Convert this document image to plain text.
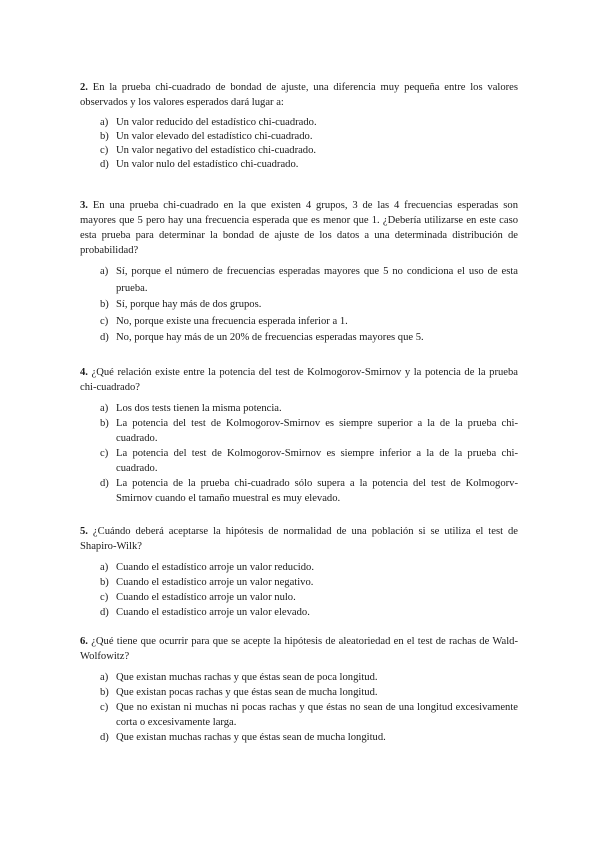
2. En la prueba chi-cuadrado de bondad de ajuste, una diferencia muy pequeña entre los valores observados y los valores esperados dará lugar a:

a) Un valor reducido del estadístico chi-cuadrado.
b) Un valor elevado del estadístico chi-cuadrado.
c) Un valor negativo del estadístico chi-cuadrado.
d) Un valor nulo del estadístico chi-cuadrado.

3. En una prueba chi-cuadrado en la que existen 4 grupos, 3 de las 4 frecuencias esperadas son mayores que 5 pero hay una frecuencia esperada que es menor que 1. ¿Debería utilizarse en este caso esta prueba para determinar la bondad de ajuste de los datos a una determinada distribución de probabilidad?

a) Sí, porque el número de frecuencias esperadas mayores que 5 no condiciona el uso de esta prueba.
b) Sí, porque hay más de dos grupos.
c) No, porque existe una frecuencia esperada inferior a 1.
d) No, porque hay más de un 20% de frecuencias esperadas mayores que 5.

4. ¿Qué relación existe entre la potencia del test de Kolmogorov-Smirnov y la potencia de la prueba chi-cuadrado?

a) Los dos tests tienen la misma potencia.
b) La potencia del test de Kolmogorov-Smirnov es siempre superior a la de la prueba chi-cuadrado.
c) La potencia del test de Kolmogorov-Smirnov es siempre inferior a la de la prueba chi-cuadrado.
d) La potencia de la prueba chi-cuadrado sólo supera a la potencia del test de Kolmogorv-Smirnov cuando el tamaño muestral es muy elevado.

5. ¿Cuándo deberá aceptarse la hipótesis de normalidad de una población si se utiliza el test de Shapiro-Wilk?

a) Cuando el estadístico arroje un valor reducido.
b) Cuando el estadístico arroje un valor negativo.
c) Cuando el estadístico arroje un valor nulo.
d) Cuando el estadístico arroje un valor elevado.

6. ¿Qué tiene que ocurrir para que se acepte la hipótesis de aleatoriedad en el test de rachas de Wald-Wolfowitz?

a) Que existan muchas rachas y que éstas sean de poca longitud.
b) Que existan pocas rachas y que éstas sean de mucha longitud.
c) Que no existan ni muchas ni pocas rachas y que éstas no sean de una longitud excesivamente corta o excesivamente larga.
d) Que existan muchas rachas y que éstas sean de mucha longitud.
